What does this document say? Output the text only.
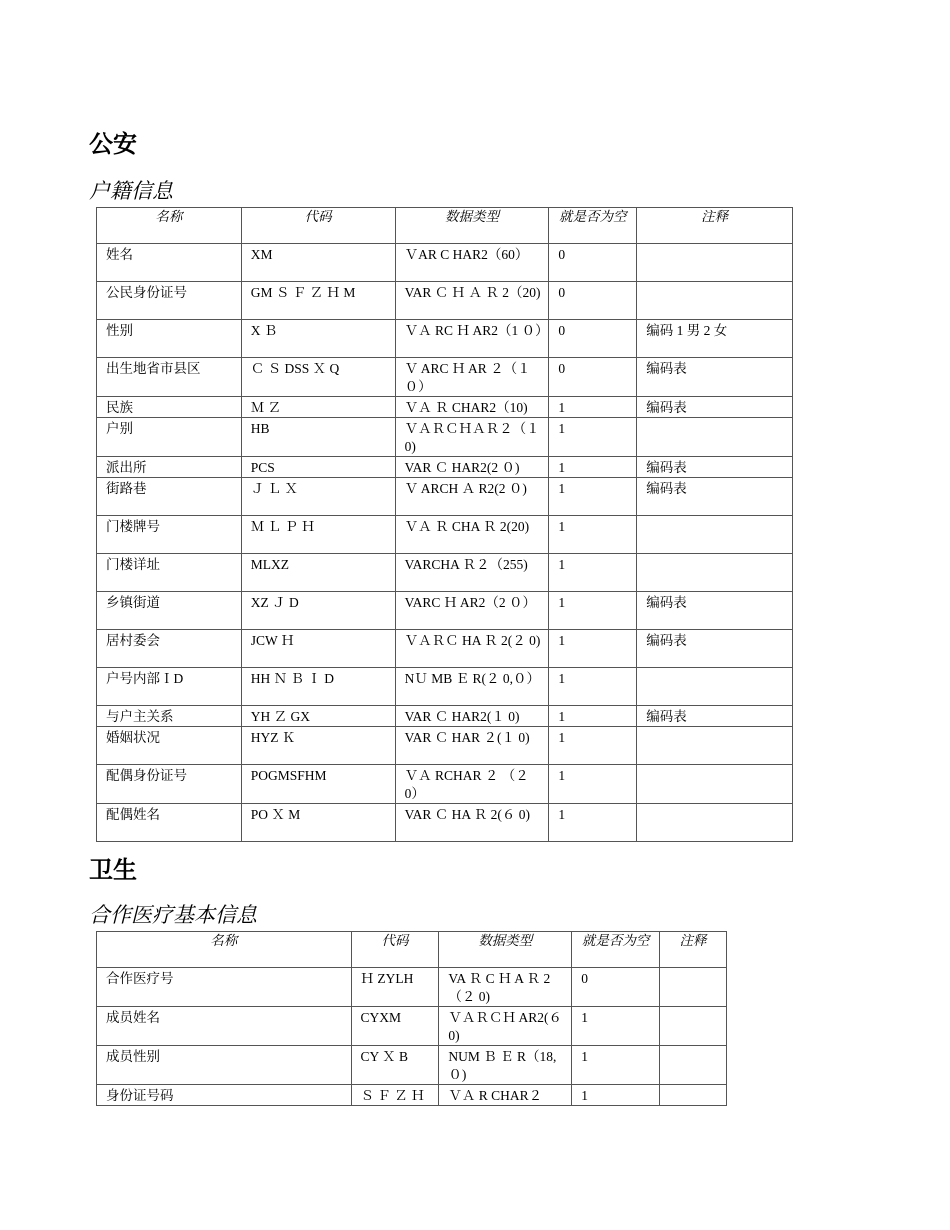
公安
户籍信息
名称	代码	数据类型	就是否为空	注释
姓名	XM	ＶAR C HAR2（60）	0	
公民身份证号	GM Ｓ Ｆ Ｚ Ｈ M	VAR Ｃ Ｈ Ａ Ｒ 2（20)	0	
性别	X Ｂ	ＶＡ RC Ｈ AR2（1 ０）	0	编码 1 男 2 女
出生地省市县区	Ｃ Ｓ DSS Ｘ Q	Ｖ ARC Ｈ AR ２（１ ０）	0	编码表
民族	Ｍ Ｚ	ＶＡ Ｒ CHAR2（10)	1	编码表
户别	HB	ＶＡＲＣＨＡＲ２（１ 0)	1	
派出所	PCS	VAR Ｃ HAR2(2 ０)	1	编码表
街路巷	Ｊ Ｌ Ｘ	Ｖ ARCH Ａ R2(2 ０)	1	编码表
门楼牌号	Ｍ Ｌ Ｐ Ｈ	ＶＡ Ｒ CHA Ｒ 2(20)	1	
门楼详址	MLXZ	VARCHA Ｒ２（255)	1	
乡镇街道	XZ Ｊ D	VARC Ｈ AR2（2 ０）	1	编码表
居村委会	JCW Ｈ	ＶＡＲＣ HA Ｒ 2(２ 0)	1	编码表
户号内部ＩD	HH Ｎ Ｂ Ｉ D	NＵ MB Ｅ R(２ 0,０）	1	
与户主关系	YH Ｚ GX	VAR Ｃ HAR2(１ 0)	1	编码表
婚姻状况	HYZ Ｋ	VAR Ｃ HAR ２(１ 0)	1	
配偶身份证号	POGMSFHM	ＶＡ RCHAR ２ （２ 0）	1	
配偶姓名	PO Ｘ M	VAR Ｃ HA Ｒ 2(６ 0)	1	
卫生
合作医疗基本信息
名称	代码	数据类型	就是否为空	注释
合作医疗号	Ｈ ZYLH	VA Ｒ C Ｈ A Ｒ 2（２ 0)	0	
成员姓名	CYXM	ＶＡＲＣＨ AR2(６ 0)	1	
成员性别	CY Ｘ B	NUM Ｂ Ｅ R（18,０)	1	
身份证号码	Ｓ Ｆ Ｚ Ｈ	ＶＡ R CHAR２	1	
